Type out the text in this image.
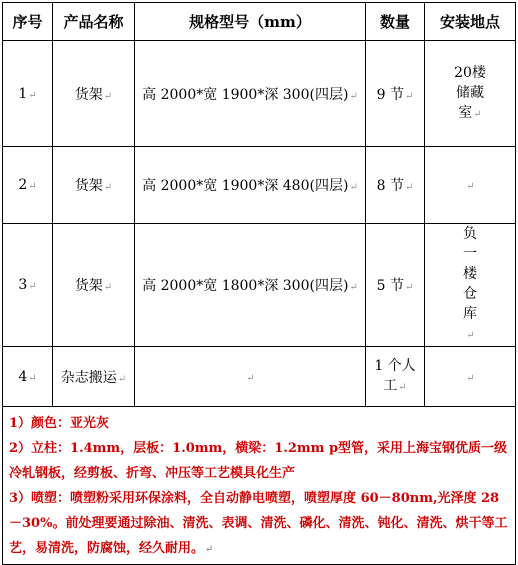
序号	产品名称	规格型号（mm）	数量	安装地点
1↵	货架↵	高 2000*宽 1900*深 300(四层)↵	9 节↵	20楼储藏室↵

2↵	货架↵	高 2000*宽 1900*深 480(四层)↵	8 节↵	↵
3↵	货架↵	高 2000*宽 1800*深 300(四层)↵	5 节↵	负一楼仓库↵

4↵	杂志搬运↵	↵	1 个人工↵	↵

1）颜色：亚光灰

2）立柱：1.4mm，层板：1.0mm，横梁：1.2mm p型管，采用上海宝钢优质一级冷轧钢板，经剪板、折弯、冲压等工艺模具化生产

3）喷塑：喷塑粉采用环保涂料，全自动静电喷塑，喷塑厚度 60－80nm,光泽度 28－30%。前处理要通过除油、清洗、表调、清洗、磷化、清洗、钝化、清洗、烘干等工艺，易清洗，防腐蚀，经久耐用。↵				
